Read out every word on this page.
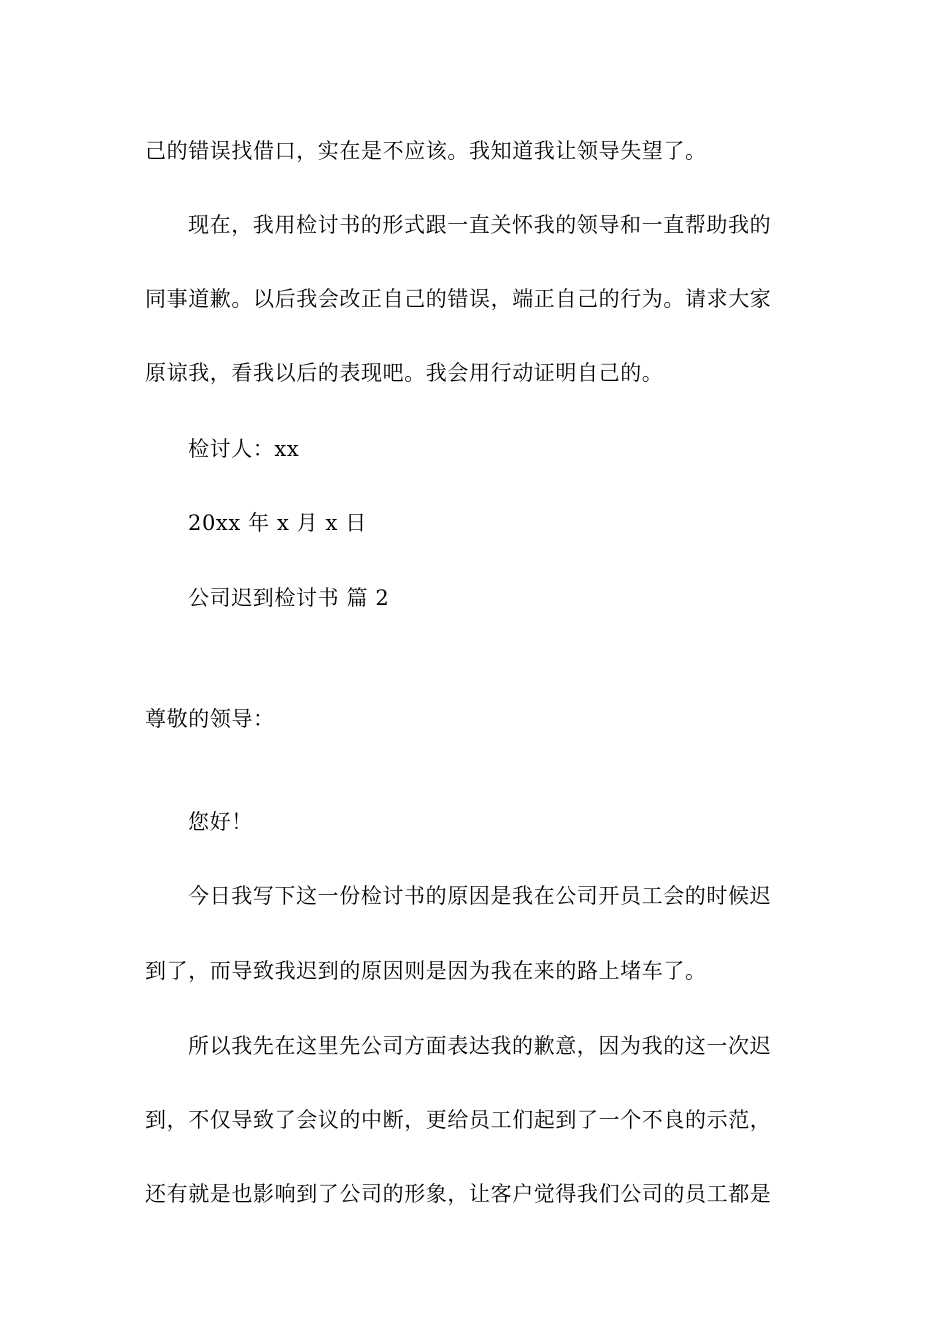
己的错误找借口，实在是不应该。我知道我让领导失望了。
现在，我用检讨书的形式跟一直关怀我的领导和一直帮助我的
同事道歉。以后我会改正自己的错误，端正自己的行为。请求大家
原谅我，看我以后的表现吧。我会用行动证明自己的。
检讨人：xx
20xx 年 x 月 x 日
公司迟到检讨书 篇 2
尊敬的领导：
您好！
今日我写下这一份检讨书的原因是我在公司开员工会的时候迟
到了，而导致我迟到的原因则是因为我在来的路上堵车了。
所以我先在这里先公司方面表达我的歉意，因为我的这一次迟
到，不仅导致了会议的中断，更给员工们起到了一个不良的示范，
还有就是也影响到了公司的形象，让客户觉得我们公司的员工都是
